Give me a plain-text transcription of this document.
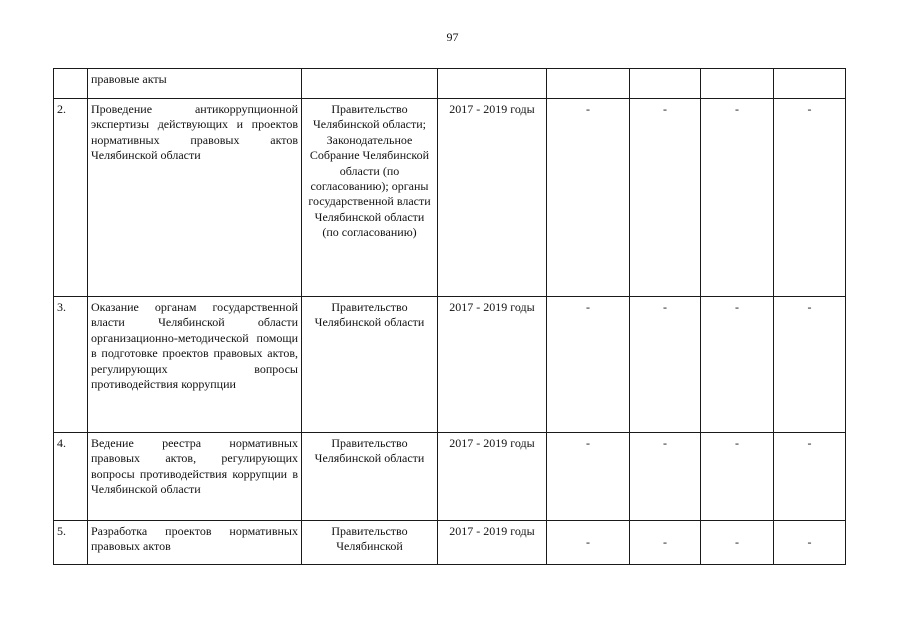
97
	правовые акты						
2.	Проведение антикоррупционной экспертизы действующих и проектов нормативных правовых актов Челябинской области	Правительство Челябинской области; Законодательное Собрание Челябинской области (по согласованию); органы государственной власти Челябинской области (по согласованию)	2017 - 2019 годы	-	-	-	-
3.	Оказание органам государственной власти Челябинской области организационно-методической помощи в подготовке проектов правовых актов, регулирующих вопросы противодействия коррупции	Правительство Челябинской области	2017 - 2019 годы	-	-	-	-
4.	Ведение реестра нормативных правовых актов, регулирующих вопросы противодействия коррупции в Челябинской области	Правительство Челябинской области	2017 - 2019 годы	-	-	-	-
5.	Разработка проектов нормативных правовых актов	Правительство Челябинской	2017 - 2019 годы	-	-	-	-
